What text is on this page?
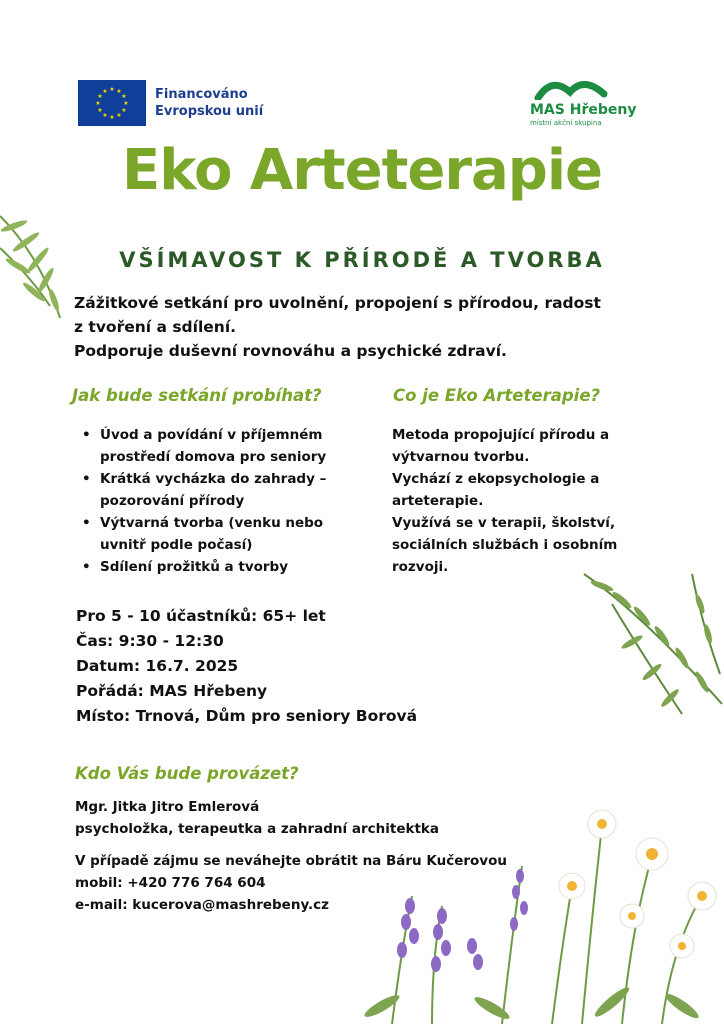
★ ★
★
★
★
★
★
★
★
★
★
★	Financováno
Evropskou unií	MAS Hřebeny
místní akční skupina
Eko Arteterapie
VŠÍMAVOST K PŘÍRODĚ A TVORBA
Zážitkové setkání pro uvolnění, propojení s přírodou, radost
z tvoření a sdílení.
Podporuje duševní rovnováhu a psychické zdraví.
Jak bude setkání probíhat?	Co je Eko Arteterapie?
• Úvod a povídání v příjemném
prostředí domova pro seniory
• Krátká vycházka do zahrady –
pozorování přírody
• Výtvarná tvorba (venku nebo
uvnitř podle počasí)
• Sdílení prožitků a tvorby
Metoda propojující přírodu a
výtvarnou tvorbu.
Vychází z ekopsychologie a
arteterapie.
Využívá se v terapii, školství,
sociálních službách i osobním
rozvoji.
Pro 5 - 10 účastníků: 65+ let
Čas: 9:30 - 12:30
Datum: 16.7. 2025
Pořádá: MAS Hřebeny
Místo: Trnová, Dům pro seniory Borová
Kdo Vás bude provázet?
Mgr. Jitka Jitro Emlerová
psycholožka, terapeutka a zahradní architektka
V případě zájmu se neváhejte obrátit na Báru Kučerovou
mobil: +420 776 764 604
e-mail: kucerova@mashrebeny.cz
